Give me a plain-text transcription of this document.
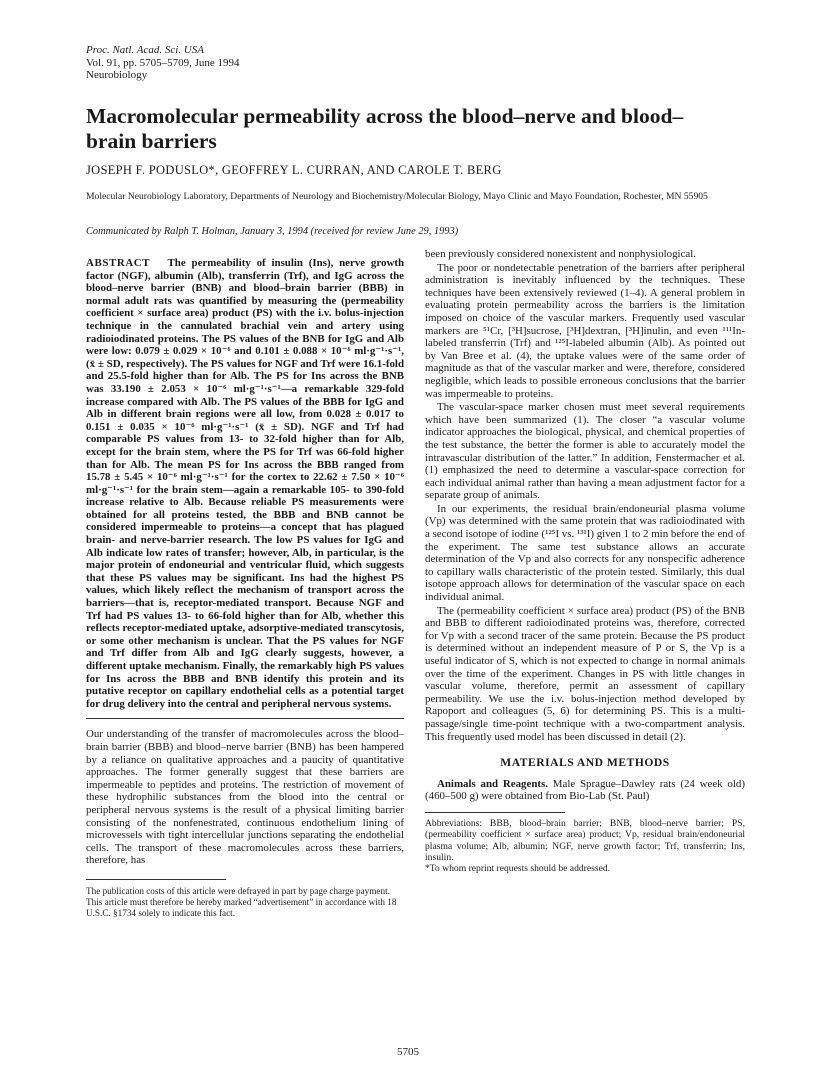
Proc. Natl. Acad. Sci. USA
Vol. 91, pp. 5705–5709, June 1994
Neurobiology
Macromolecular permeability across the blood–nerve and blood–brain barriers
JOSEPH F. PODUSLO*, GEOFFREY L. CURRAN, AND CAROLE T. BERG
Molecular Neurobiology Laboratory, Departments of Neurology and Biochemistry/Molecular Biology, Mayo Clinic and Mayo Foundation, Rochester, MN 55905
Communicated by Ralph T. Holman, January 3, 1994 (received for review June 29, 1993)

ABSTRACT The permeability of insulin (Ins), nerve growth factor (NGF), albumin (Alb), transferrin (Trf), and IgG across the blood–nerve barrier (BNB) and blood–brain barrier (BBB) in normal adult rats was quantified by measuring the (permeability coefficient × surface area) product (PS) with the i.v. bolus-injection technique in the cannulated brachial vein and artery using radioiodinated proteins. The PS values of the BNB for IgG and Alb were low: 0.079 ± 0.029 × 10⁻⁶ and 0.101 ± 0.088 × 10⁻⁶ ml·g⁻¹·s⁻¹, (x̄ ± SD, respectively). The PS values for NGF and Trf were 16.1-fold and 25.5-fold higher than for Alb. The PS for Ins across the BNB was 33.190 ± 2.053 × 10⁻⁶ ml·g⁻¹·s⁻¹—a remarkable 329-fold increase compared with Alb. The PS values of the BBB for IgG and Alb in different brain regions were all low, from 0.028 ± 0.017 to 0.151 ± 0.035 × 10⁻⁶ ml·g⁻¹·s⁻¹ (x̄ ± SD). NGF and Trf had comparable PS values from 13- to 32-fold higher than for Alb, except for the brain stem, where the PS for Trf was 66-fold higher than for Alb. The mean PS for Ins across the BBB ranged from 15.78 ± 5.45 × 10⁻⁶ ml·g⁻¹·s⁻¹ for the cortex to 22.62 ± 7.50 × 10⁻⁶ ml·g⁻¹·s⁻¹ for the brain stem—again a remarkable 105- to 390-fold increase relative to Alb. Because reliable PS measurements were obtained for all proteins tested, the BBB and BNB cannot be considered impermeable to proteins—a concept that has plagued brain- and nerve-barrier research. The low PS values for IgG and Alb indicate low rates of transfer; however, Alb, in particular, is the major protein of endoneurial and ventricular fluid, which suggests that these PS values may be significant. Ins had the highest PS values, which likely reflect the mechanism of transport across the barriers—that is, receptor-mediated transport. Because NGF and Trf had PS values 13- to 66-fold higher than for Alb, whether this reflects receptor-mediated uptake, adsorptive-mediated transcytosis, or some other mechanism is unclear. That the PS values for NGF and Trf differ from Alb and IgG clearly suggests, however, a different uptake mechanism. Finally, the remarkably high PS values for Ins across the BBB and BNB identify this protein and its putative receptor on capillary endothelial cells as a potential target for drug delivery into the central and peripheral nervous systems.

Our understanding of the transfer of macromolecules across the blood–brain barrier (BBB) and blood–nerve barrier (BNB) has been hampered by a reliance on qualitative approaches and a paucity of quantitative approaches. The former generally suggest that these barriers are impermeable to peptides and proteins. The restriction of movement of these hydrophilic substances from the blood into the central or peripheral nervous systems is the result of a physical limiting barrier consisting of the nonfenestrated, continuous endothelium lining of microvessels with tight intercellular junctions separating the endothelial cells. The transport of these macromolecules across these barriers, therefore, has

The publication costs of this article were defrayed in part by page charge payment. This article must therefore be hereby marked “advertisement” in accordance with 18 U.S.C. §1734 solely to indicate this fact.

been previously considered nonexistent and nonphysiological.

The poor or nondetectable penetration of the barriers after peripheral administration is inevitably influenced by the techniques. These techniques have been extensively reviewed (1–4). A general problem in evaluating protein permeability across the barriers is the limitation imposed on choice of the vascular markers. Frequently used vascular markers are ⁵¹Cr, [³H]sucrose, [³H]dextran, [³H]inulin, and even ¹¹¹In-labeled transferrin (Trf) and ¹²⁵I-labeled albumin (Alb). As pointed out by Van Bree et al. (4), the uptake values were of the same order of magnitude as that of the vascular marker and were, therefore, considered negligible, which leads to possible erroneous conclusions that the barrier was impermeable to proteins.

The vascular-space marker chosen must meet several requirements which have been summarized (1). The closer “a vascular volume indicator approaches the biological, physical, and chemical properties of the test substance, the better the former is able to accurately model the intravascular distribution of the latter.” In addition, Fenstermacher et al. (1) emphasized the need to determine a vascular-space correction for each individual animal rather than having a mean adjustment factor for a separate group of animals.

In our experiments, the residual brain/endoneurial plasma volume (Vp) was determined with the same protein that was radioiodinated with a second isotope of iodine (¹²⁵I vs. ¹³¹I) given 1 to 2 min before the end of the experiment. The same test substance allows an accurate determination of the Vp and also corrects for any nonspecific adherence to capillary walls characteristic of the protein tested. Similarly, this dual isotope approach allows for determination of the vascular space on each individual animal.

The (permeability coefficient × surface area) product (PS) of the BNB and BBB to different radioiodinated proteins was, therefore, corrected for Vp with a second tracer of the same protein. Because the PS product is determined without an independent measure of P or S, the Vp is a useful indicator of S, which is not expected to change in normal animals over the time of the experiment. Changes in PS with little changes in vascular volume, therefore, permit an assessment of capillary permeability. We use the i.v. bolus-injection method developed by Rapoport and colleagues (5, 6) for determining PS. This is a multi-passage/single time-point technique with a two-compartment analysis. This frequently used model has been discussed in detail (2).

MATERIALS AND METHODS

Animals and Reagents. Male Sprague–Dawley rats (24 week old) (460–500 g) were obtained from Bio-Lab (St. Paul)

Abbreviations: BBB, blood–brain barrier; BNB, blood–nerve barrier; PS, (permeability coefficient × surface area) product; Vp, residual brain/endoneurial plasma volume; Alb, albumin; NGF, nerve growth factor; Trf, transferrin; Ins, insulin.

*To whom reprint requests should be addressed.

5705
